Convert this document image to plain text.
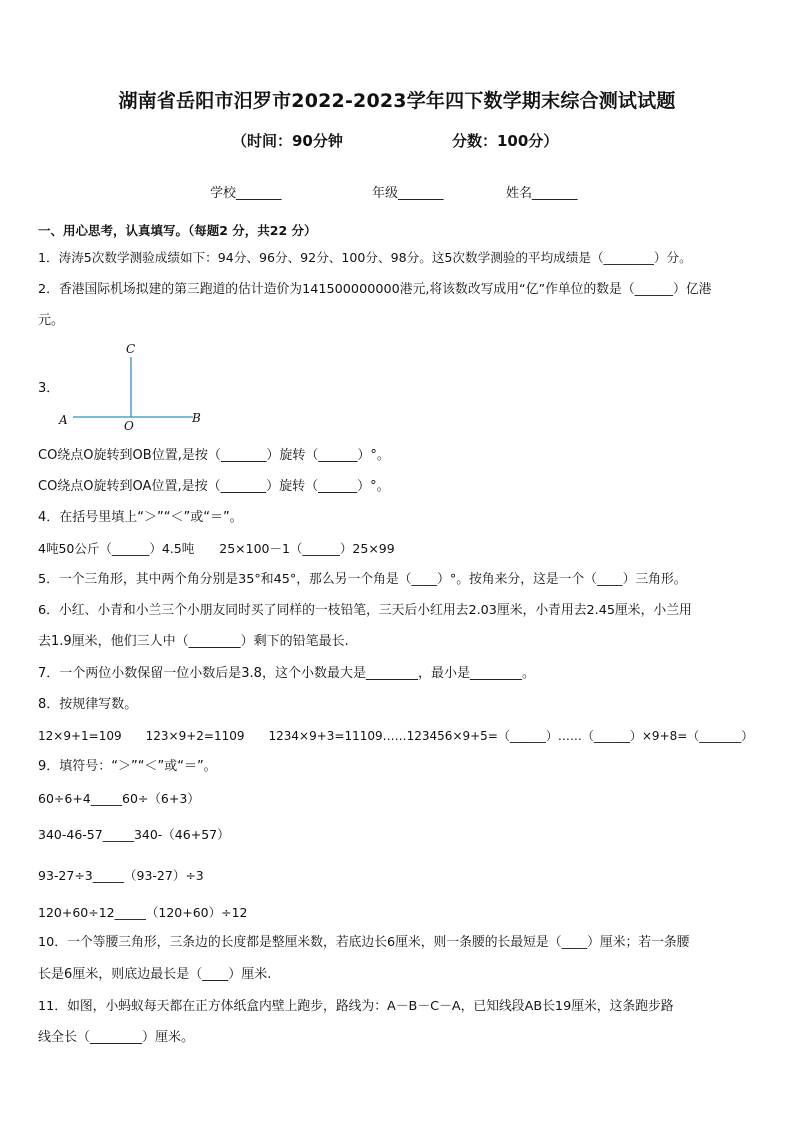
湖南省岳阳市汨罗市2022-2023学年四下数学期末综合测试试题
（时间：90分钟	分数：100分）
学校_______	年级_______	姓名_______
一、用心思考，认真填写。（每题2 分，共22 分）
1．涛涛5次数学测验成绩如下：94分、96分、92分、100分、98分。这5次数学测验的平均成绩是（________）分。
2．香港国际机场拟建的第三跑道的估计造价为141500000000港元,将该数改写成用“亿”作单位的数是（______）亿港
元。
3．
C
A	O
B
CO绕点O旋转到OB位置,是按（_______）旋转（______）°。
CO绕点O旋转到OA位置,是按（_______）旋转（______）°。
4．在括号里填上“＞”“＜”或“＝”。
4吨50公斤（______）4.5吨　　25×100－1（______）25×99
5．一个三角形，其中两个角分别是35°和45°，那么另一个角是（____）°。按角来分，这是一个（____）三角形。
6．小红、小青和小兰三个小朋友同时买了同样的一枝铅笔，三天后小红用去2.03厘米，小青用去2.45厘米，小兰用
去1.9厘米，他们三人中（________）剩下的铅笔最长.
7．一个两位小数保留一位小数后是3.8，这个小数最大是________，最小是________。
8．按规律写数。
12×9+1=109　　123×9+2=1109　　1234×9+3=11109……123456×9+5=（______）……（______）×9+8=（_______）
9．填符号：“＞”“＜”或“＝”。
60÷6+4_____60÷（6+3）
340-46-57_____340-（46+57）
93-27÷3_____（93-27）÷3
120+60÷12_____（120+60）÷12
10．一个等腰三角形，三条边的长度都是整厘米数，若底边长6厘米，则一条腰的长最短是（____）厘米；若一条腰
长是6厘米，则底边最长是（____）厘米.
11．如图，小蚂蚁每天都在正方体纸盒内壁上跑步，路线为：A－B－C－A，已知线段AB长19厘米，这条跑步路
线全长（________）厘米。
